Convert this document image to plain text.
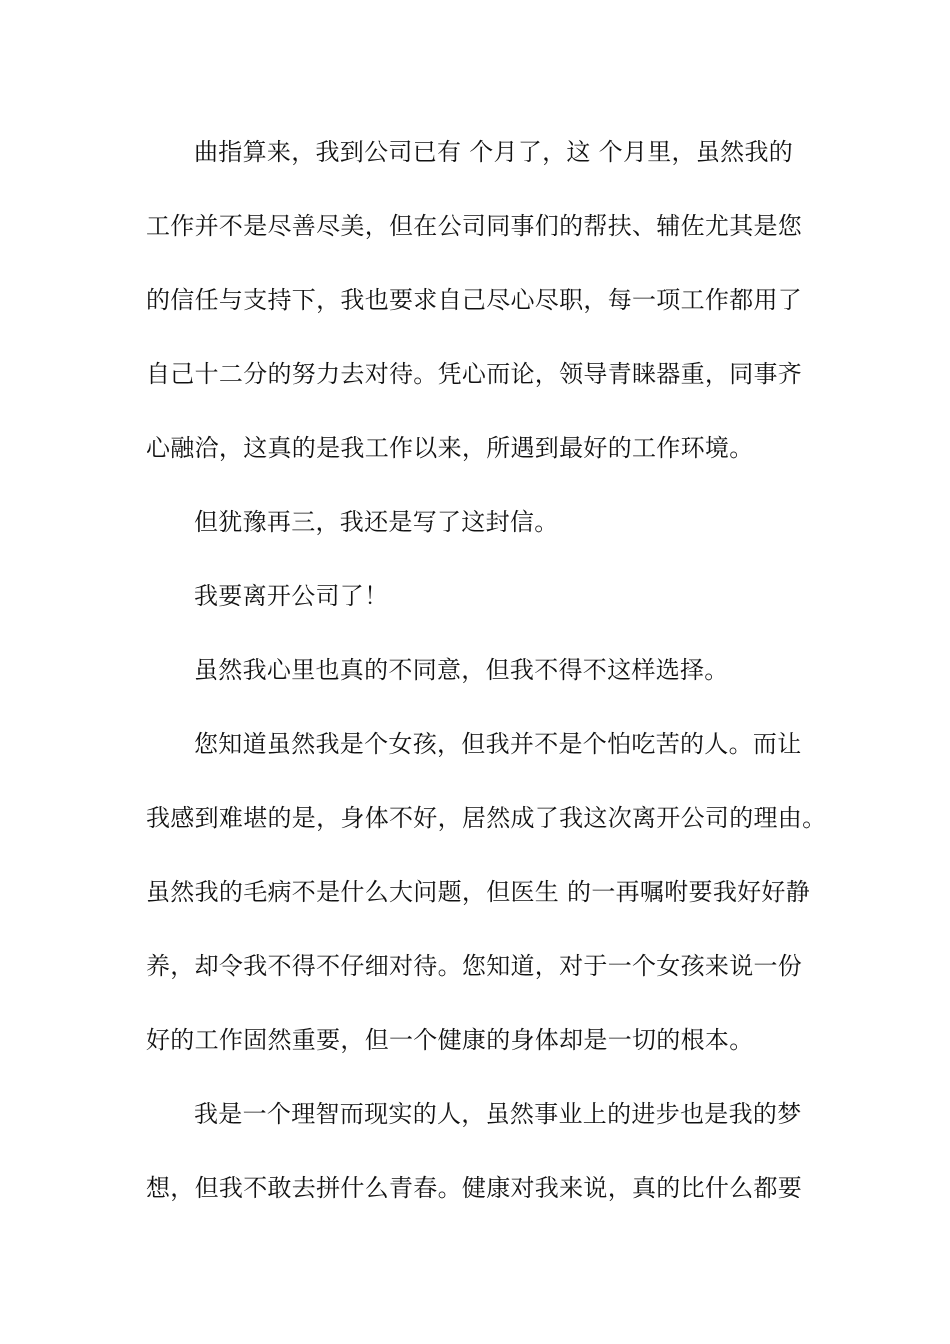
曲指算来，我到公司已有 个月了，这 个月里，虽然我的
工作并不是尽善尽美，但在公司同事们的帮扶、辅佐尤其是您
的信任与支持下，我也要求自己尽心尽职，每一项工作都用了
自己十二分的努力去对待。凭心而论，领导青睐器重，同事齐
心融洽，这真的是我工作以来，所遇到最好的工作环境。
但犹豫再三，我还是写了这封信。
我要离开公司了！
虽然我心里也真的不同意，但我不得不这样选择。
您知道虽然我是个女孩，但我并不是个怕吃苦的人。而让
我感到难堪的是，身体不好，居然成了我这次离开公司的理由。
虽然我的毛病不是什么大问题，但医生 的一再嘱咐要我好好静
养，却令我不得不仔细对待。您知道，对于一个女孩来说一份
好的工作固然重要，但一个健康的身体却是一切的根本。
我是一个理智而现实的人，虽然事业上的进步也是我的梦
想，但我不敢去拼什么青春。健康对我来说，真的比什么都要
